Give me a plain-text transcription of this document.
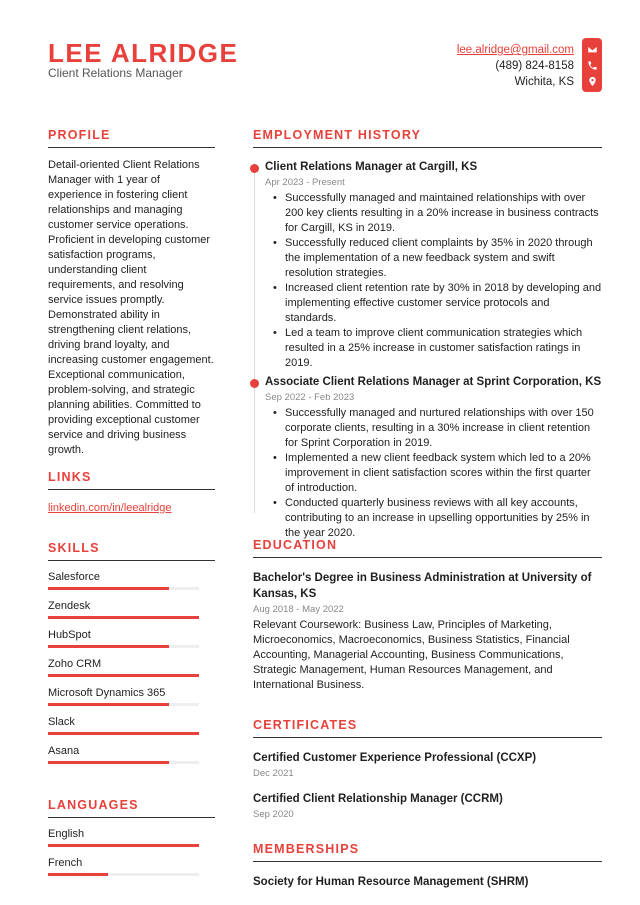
LEE ALRIDGE
Client Relations Manager
lee.alridge@gmail.com
(489) 824-8158
Wichita, KS
PROFILE
Detail-oriented Client Relations Manager with 1 year of experience in fostering client relationships and managing customer service operations. Proficient in developing customer satisfaction programs, understanding client requirements, and resolving service issues promptly. Demonstrated ability in strengthening client relations, driving brand loyalty, and increasing customer engagement. Exceptional communication, problem-solving, and strategic planning abilities. Committed to providing exceptional customer service and driving business growth.
LINKS
linkedin.com/in/leealridge
SKILLS
Salesforce
Zendesk
HubSpot
Zoho CRM
Microsoft Dynamics 365
Slack
Asana
LANGUAGES
English
French
EMPLOYMENT HISTORY
Client Relations Manager at Cargill, KS
Apr 2023 - Present
• Successfully managed and maintained relationships with over 200 key clients resulting in a 20% increase in business contracts for Cargill, KS in 2019.
• Successfully reduced client complaints by 35% in 2020 through the implementation of a new feedback system and swift resolution strategies.
• Increased client retention rate by 30% in 2018 by developing and implementing effective customer service protocols and standards.
• Led a team to improve client communication strategies which resulted in a 25% increase in customer satisfaction ratings in 2019.
Associate Client Relations Manager at Sprint Corporation, KS
Sep 2022 - Feb 2023
• Successfully managed and nurtured relationships with over 150 corporate clients, resulting in a 30% increase in client retention for Sprint Corporation in 2019.
• Implemented a new client feedback system which led to a 20% improvement in client satisfaction scores within the first quarter of introduction.
• Conducted quarterly business reviews with all key accounts, contributing to an increase in upselling opportunities by 25% in the year 2020.
EDUCATION
Bachelor's Degree in Business Administration at University of Kansas, KS
Aug 2018 - May 2022
Relevant Coursework: Business Law, Principles of Marketing, Microeconomics, Macroeconomics, Business Statistics, Financial Accounting, Managerial Accounting, Business Communications, Strategic Management, Human Resources Management, and International Business.
CERTIFICATES
Certified Customer Experience Professional (CCXP)
Dec 2021
Certified Client Relationship Manager (CCRM)
Sep 2020
MEMBERSHIPS
Society for Human Resource Management (SHRM)
